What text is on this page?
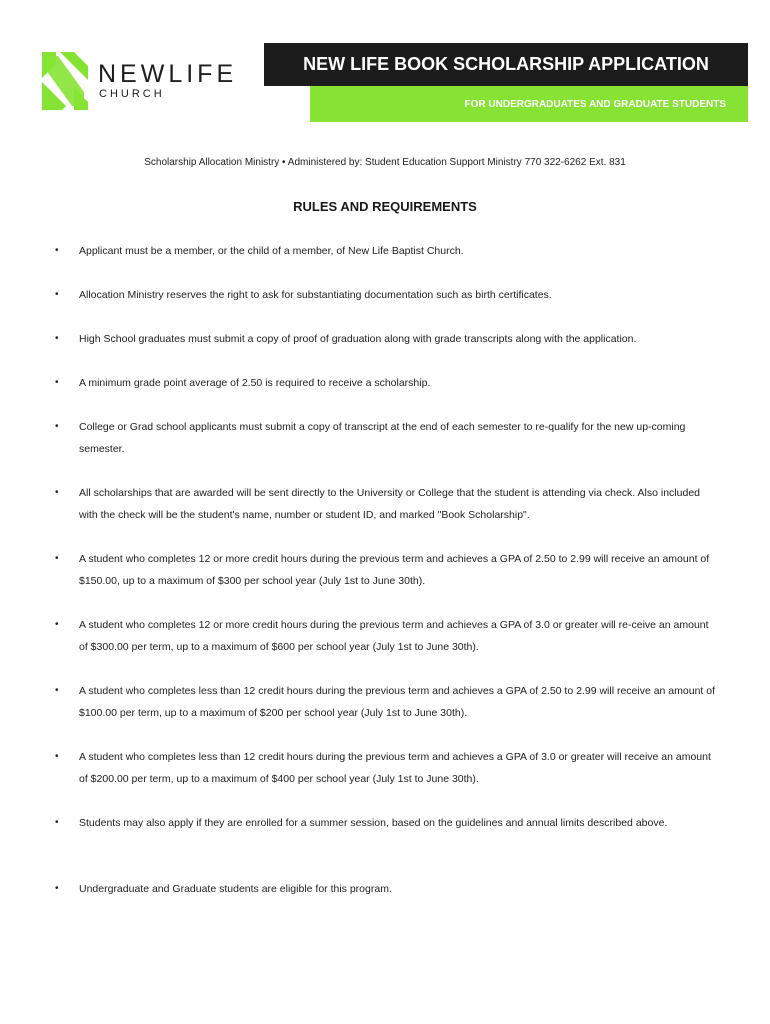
NEWLIFE
CHURCH
NEW LIFE BOOK SCHOLARSHIP APPLICATION
FOR UNDERGRADUATES AND GRADUATE STUDENTS
Scholarship Allocation Ministry • Administered by: Student Education Support Ministry 770 322-6262 Ext. 831
RULES AND REQUIREMENTS
• Applicant must be a member, or the child of a member, of New Life Baptist Church.
• Allocation Ministry reserves the right to ask for substantiating documentation such as birth certificates.
• High School graduates must submit a copy of proof of graduation along with grade transcripts along with the application.
• A minimum grade point average of 2.50 is required to receive a scholarship.
• College or Grad school applicants must submit a copy of transcript at the end of each semester to re-qualify for the new up-coming semester.
• All scholarships that are awarded will be sent directly to the University or College that the student is attending via check. Also included with the check will be the student's name, number or student ID, and marked "Book Scholarship".
• A student who completes 12 or more credit hours during the previous term and achieves a GPA of 2.50 to 2.99 will receive an amount of $150.00, up to a maximum of $300 per school year (July 1st to June 30th).
• A student who completes 12 or more credit hours during the previous term and achieves a GPA of 3.0 or greater will re-ceive an amount of $300.00 per term, up to a maximum of $600 per school year (July 1st to June 30th).
• A student who completes less than 12 credit hours during the previous term and achieves a GPA of 2.50 to 2.99 will receive an amount of $100.00 per term, up to a maximum of $200 per school year (July 1st to June 30th).
• A student who completes less than 12 credit hours during the previous term and achieves a GPA of 3.0 or greater will receive an amount of $200.00 per term, up to a maximum of $400 per school year (July 1st to June 30th).
• Students may also apply if they are enrolled for a summer session, based on the guidelines and annual limits described above.
• Undergraduate and Graduate students are eligible for this program.
